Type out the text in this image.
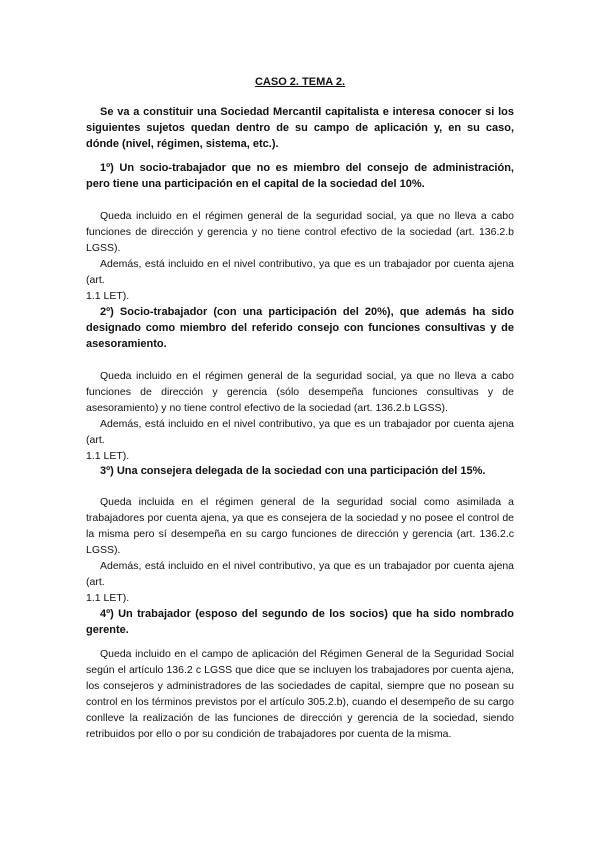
CASO 2. TEMA 2.
Se va a constituir una Sociedad Mercantil capitalista e interesa conocer si los siguientes sujetos quedan dentro de su campo de aplicación y, en su caso, dónde (nivel, régimen, sistema, etc.).
1º) Un socio-trabajador que no es miembro del consejo de administración, pero tiene una participación en el capital de la sociedad del 10%.

Queda incluido en el régimen general de la seguridad social, ya que no lleva a cabo funciones de dirección y gerencia y no tiene control efectivo de la sociedad (art. 136.2.b LGSS).

Además, está incluido en el nivel contributivo, ya que es un trabajador por cuenta ajena (art.

1.1 LET).

2º) Socio-trabajador (con una participación del 20%), que además ha sido designado como miembro del referido consejo con funciones consultivas y de asesoramiento.

Queda incluido en el régimen general de la seguridad social, ya que no lleva a cabo funciones de dirección y gerencia (sólo desempeña funciones consultivas y de asesoramiento) y no tiene control efectivo de la sociedad (art. 136.2.b LGSS).

Además, está incluido en el nivel contributivo, ya que es un trabajador por cuenta ajena (art.

1.1 LET).

3º) Una consejera delegada de la sociedad con una participación del 15%.

Queda incluida en el régimen general de la seguridad social como asimilada a trabajadores por cuenta ajena, ya que es consejera de la sociedad y no posee el control de la misma pero sí desempeña en su cargo funciones de dirección y gerencia (art. 136.2.c LGSS).

Además, está incluido en el nivel contributivo, ya que es un trabajador por cuenta ajena (art.

1.1 LET).

4º) Un trabajador (esposo del segundo de los socios) que ha sido nombrado gerente.

Queda incluido en el campo de aplicación del Régimen General de la Seguridad Social según el artículo 136.2 c LGSS que dice que se incluyen los trabajadores por cuenta ajena, los consejeros y administradores de las sociedades de capital, siempre que no posean su control en los términos previstos por el artículo 305.2.b), cuando el desempeño de su cargo conlleve la realización de las funciones de dirección y gerencia de la sociedad, siendo retribuidos por ello o por su condición de trabajadores por cuenta de la misma.
